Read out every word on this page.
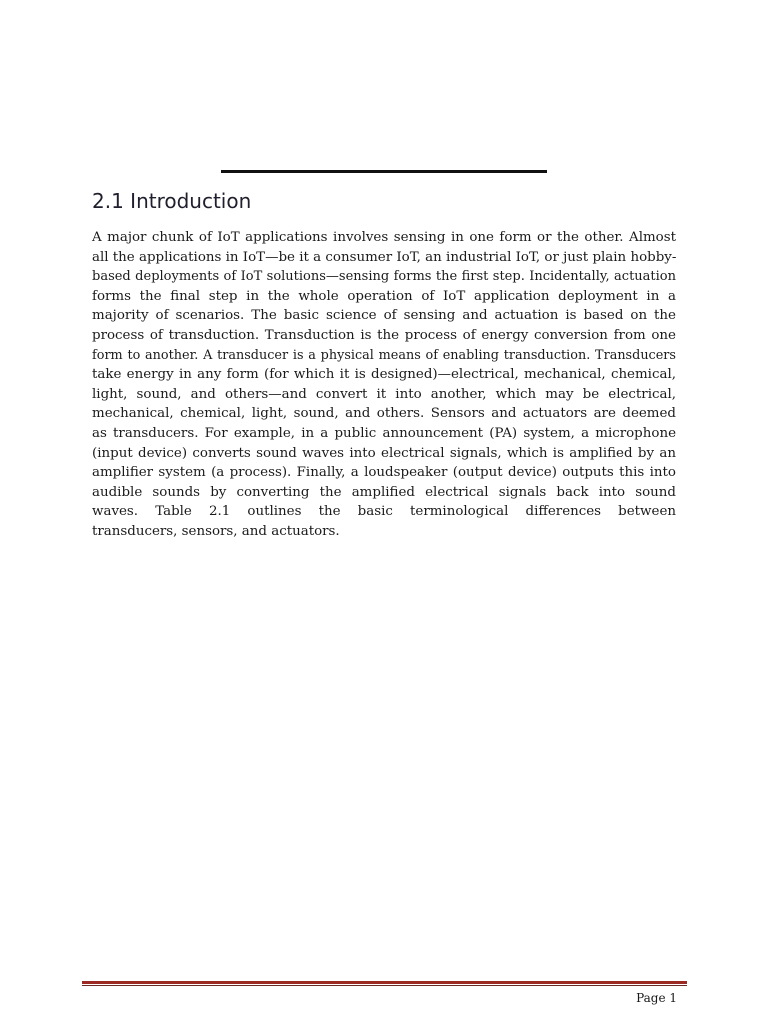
2.1 Introduction
A major chunk of IoT applications involves sensing in one form or the other. Almost
all the applications in IoT—be it a consumer IoT, an industrial IoT, or just plain hobby-
based deployments of IoT solutions—sensing forms the first step. Incidentally, actuation
forms the final step in the whole operation of IoT application deployment in a
majority of scenarios. The basic science of sensing and actuation is based on the
process of transduction. Transduction is the process of energy conversion from one
form to another. A transducer is a physical means of enabling transduction. Transducers
take energy in any form (for which it is designed)—electrical, mechanical, chemical,
light, sound, and others—and convert it into another, which may be electrical,
mechanical, chemical, light, sound, and others. Sensors and actuators are deemed
as transducers. For example, in a public announcement (PA) system, a microphone
(input device) converts sound waves into electrical signals, which is amplified by an
amplifier system (a process). Finally, a loudspeaker (output device) outputs this into
audible sounds by converting the amplified electrical signals back into sound
waves. Table 2.1 outlines the basic terminological differences between
transducers, sensors, and actuators.
Page 1
